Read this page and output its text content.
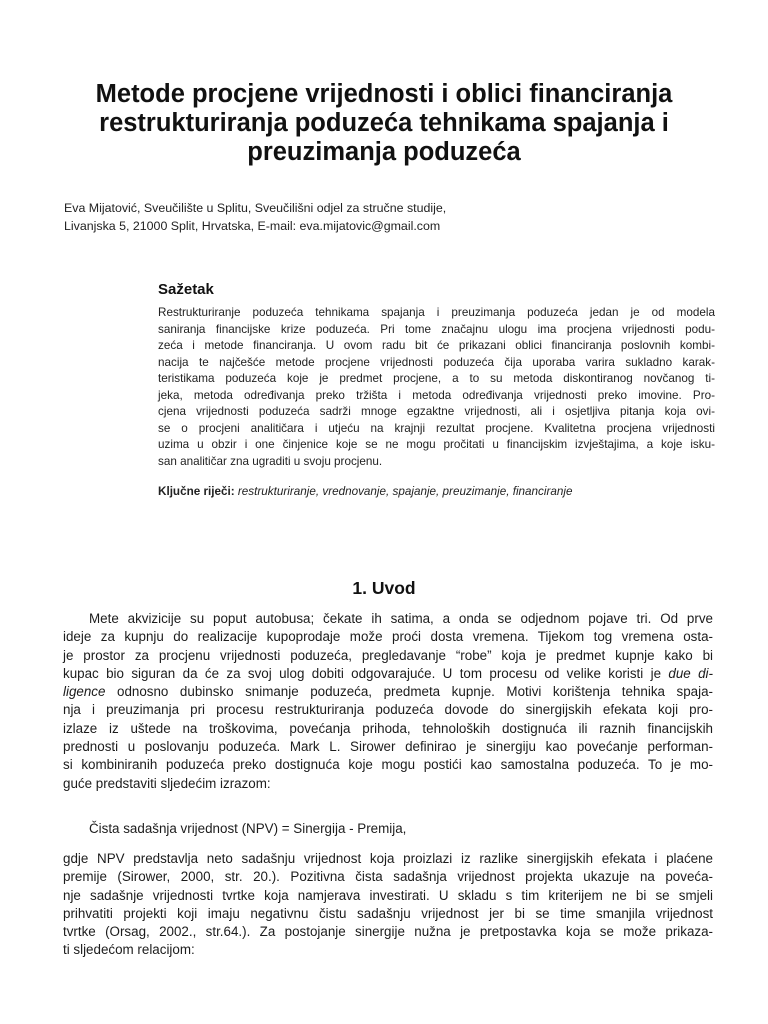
Metode procjene vrijednosti i oblici financiranja
restrukturiranja poduzeća tehnikama spajanja i
preuzimanja poduzeća
Eva Mijatović, Sveučilište u Splitu, Sveučilišni odjel za stručne studije,
Livanjska 5, 21000 Split, Hrvatska, E-mail: eva.mijatovic@gmail.com
Sažetak
Restrukturiranje poduzeća tehnikama spajanja i preuzimanja poduzeća jedan je od modela
saniranja financijske krize poduzeća. Pri tome značajnu ulogu ima procjena vrijednosti podu-
zeća i metode financiranja. U ovom radu bit će prikazani oblici financiranja poslovnih kombi-
nacija te najčešće metode procjene vrijednosti poduzeća čija uporaba varira sukladno karak-
teristikama poduzeća koje je predmet procjene, a to su metoda diskontiranog novčanog ti-
jeka, metoda određivanja preko tržišta i metoda određivanja vrijednosti preko imovine. Pro-
cjena vrijednosti poduzeća sadrži mnoge egzaktne vrijednosti, ali i osjetljiva pitanja koja ovi-
se o procjeni analitičara i utjeću na krajnji rezultat procjene. Kvalitetna procjena vrijednosti
uzima u obzir i one činjenice koje se ne mogu pročitati u financijskim izvještajima, a koje isku-
san analitičar zna ugraditi u svoju procjenu.
Ključne riječi: restrukturiranje, vrednovanje, spajanje, preuzimanje, financiranje
1. Uvod
Mete akvizicije su poput autobusa; čekate ih satima, a onda se odjednom pojave tri. Od prve
ideje za kupnju do realizacije kupoprodaje može proći dosta vremena. Tijekom tog vremena osta-
je prostor za procjenu vrijednosti poduzeća, pregledavanje “robe” koja je predmet kupnje kako bi
kupac bio siguran da će za svoj ulog dobiti odgovarajuće. U tom procesu od velike koristi je due di-
ligence odnosno dubinsko snimanje poduzeća, predmeta kupnje. Motivi korištenja tehnika spaja-
nja i preuzimanja pri procesu restrukturiranja poduzeća dovode do sinergijskih efekata koji pro-
izlaze iz uštede na troškovima, povećanja prihoda, tehnoloških dostignuća ili raznih financijskih
prednosti u poslovanju poduzeća. Mark L. Sirower definirao je sinergiju kao povećanje performan-
si kombiniranih poduzeća preko dostignuća koje mogu postići kao samostalna poduzeća. To je mo-
guće predstaviti sljedećim izrazom:
Čista sadašnja vrijednost (NPV) = Sinergija - Premija,
gdje NPV predstavlja neto sadašnju vrijednost koja proizlazi iz razlike sinergijskih efekata i plaćene
premije (Sirower, 2000, str. 20.). Pozitivna čista sadašnja vrijednost projekta ukazuje na poveća-
nje sadašnje vrijednosti tvrtke koja namjerava investirati. U skladu s tim kriterijem ne bi se smjeli
prihvatiti projekti koji imaju negativnu čistu sadašnju vrijednost jer bi se time smanjila vrijednost
tvrtke (Orsag, 2002., str.64.). Za postojanje sinergije nužna je pretpostavka koja se može prikaza-
ti sljedećom relacijom:
